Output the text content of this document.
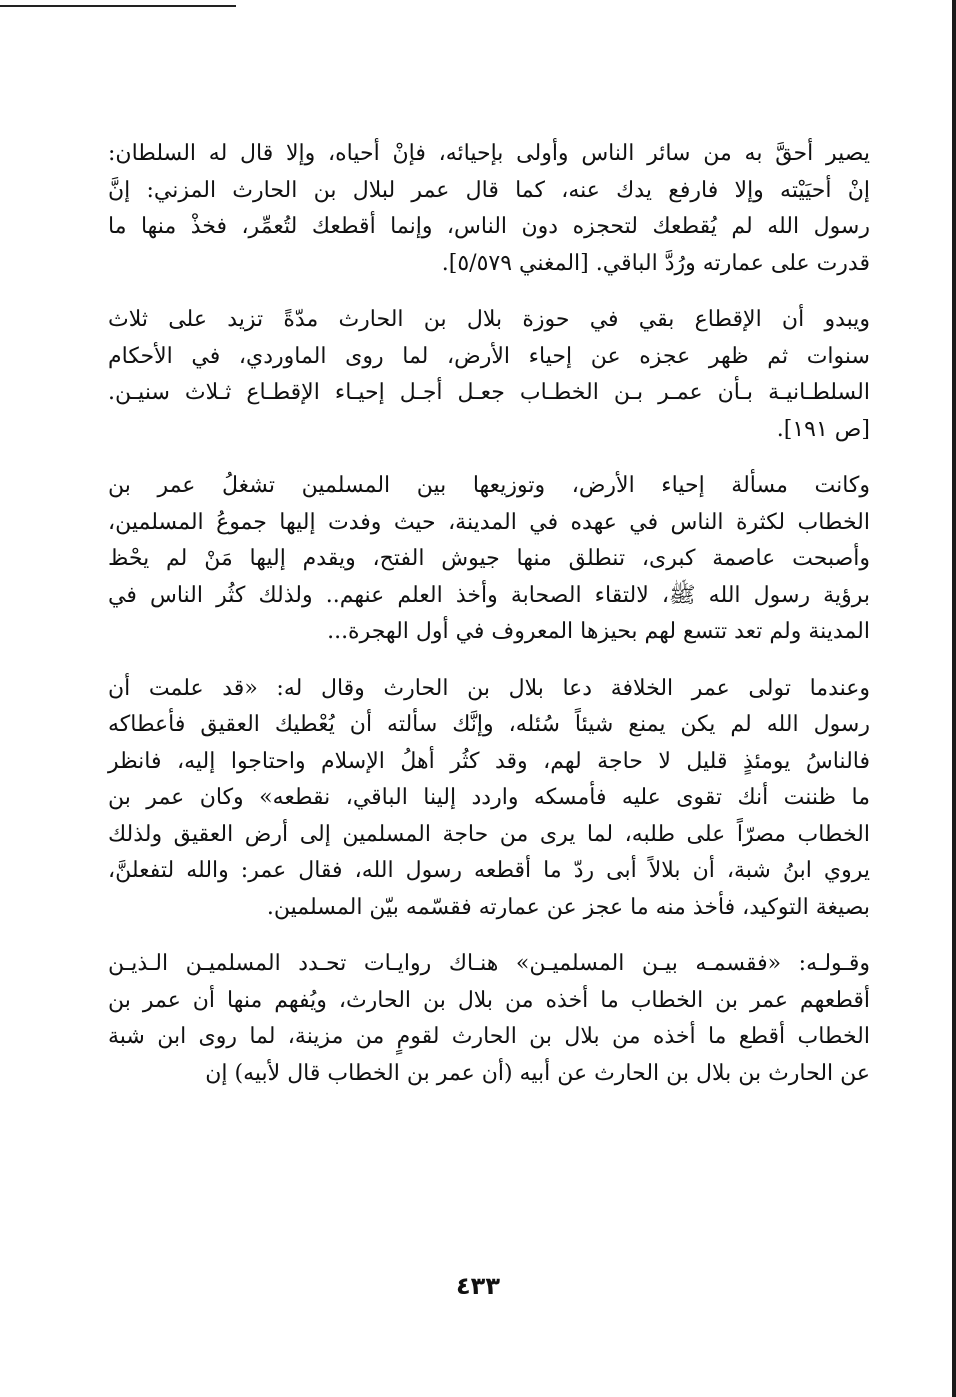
يصير أحقَّ به من سائر الناس وأولى بإحيائه، فإنْ أحياه، وإلا قال له السلطان:
إنْ أحيَيْته وإلا فارفع يدك عنه، كما قال عمر لبلال بن الحارث المزني: إنَّ
رسول الله لم يُقطعك لتحجزه دون الناس، وإنما أقطعك لتُعمِّر، فخذْ منها ما
قدرت على عمارته ورُدَّ الباقي. [المغني ٥/٥٧٩].
ويبدو أن الإقطاع بقي في حوزة بلال بن الحارث مدّةً تزيد على ثلاث
سنوات ثم ظهر عجزه عن إحياء الأرض، لما روى الماوردي، في الأحكام
السلطـانيـة بـأن عمـر بـن الخطـاب جعـل أجـل إحيـاء الإقطـاع ثـلاث سنيـن.
[ص ١٩١].
وكانت مسألة إحياء الأرض، وتوزيعها بين المسلمين تشغلُ عمر بن
الخطاب لكثرة الناس في عهده في المدينة، حيث وفدت إليها جموعُ المسلمين،
وأصبحت عاصمة كبرى، تنطلق منها جيوش الفتح، ويقدم إليها مَنْ لم يحْظ
برؤية رسول الله ﷺ، لالتقاء الصحابة وأخذ العلم عنهم.. ولذلك كثُر الناس في
المدينة ولم تعد تتسع لهم بحيزها المعروف في أول الهجرة...
وعندما تولى عمر الخلافة دعا بلال بن الحارث وقال له: «قد علمت أن
رسول الله لم يكن يمنع شيئاً سُئله، وإنَّك سألته أن يُعْطيك العقيق فأعطاكه
فالناسُ يومئذٍ قليل لا حاجة لهم، وقد كثُر أهلُ الإسلام واحتاجوا إليه، فانظر
ما ظننت أنك تقوى عليه فأمسكه واردد إلينا الباقي، نقطعه» وكان عمر بن
الخطاب مصرّاً على طلبه، لما يرى من حاجة المسلمين إلى أرض العقيق ولذلك
يروي ابنُ شبة، أن بلالاً أبى ردّ ما أقطعه رسول الله، فقال عمر: والله لتفعلنَّ،
بصيغة التوكيد، فأخذ منه ما عجز عن عمارته فقسّمه بيّن المسلمين.
وقـولـه: «فقسمـه بيـن المسلميـن» هنـاك روايـات تحـدد المسلميـن الـذيـن
أقطعهم عمر بن الخطاب ما أخذه من بلال بن الحارث، ويُفهم منها أن عمر بن
الخطاب أقطع ما أخذه من بلال بن الحارث لقومٍ من مزينة، لما روى ابن شبة
عن الحارث بن بلال بن الحارث عن أبيه (أن عمر بن الخطاب قال لأبيه) إن
٤٣٣
